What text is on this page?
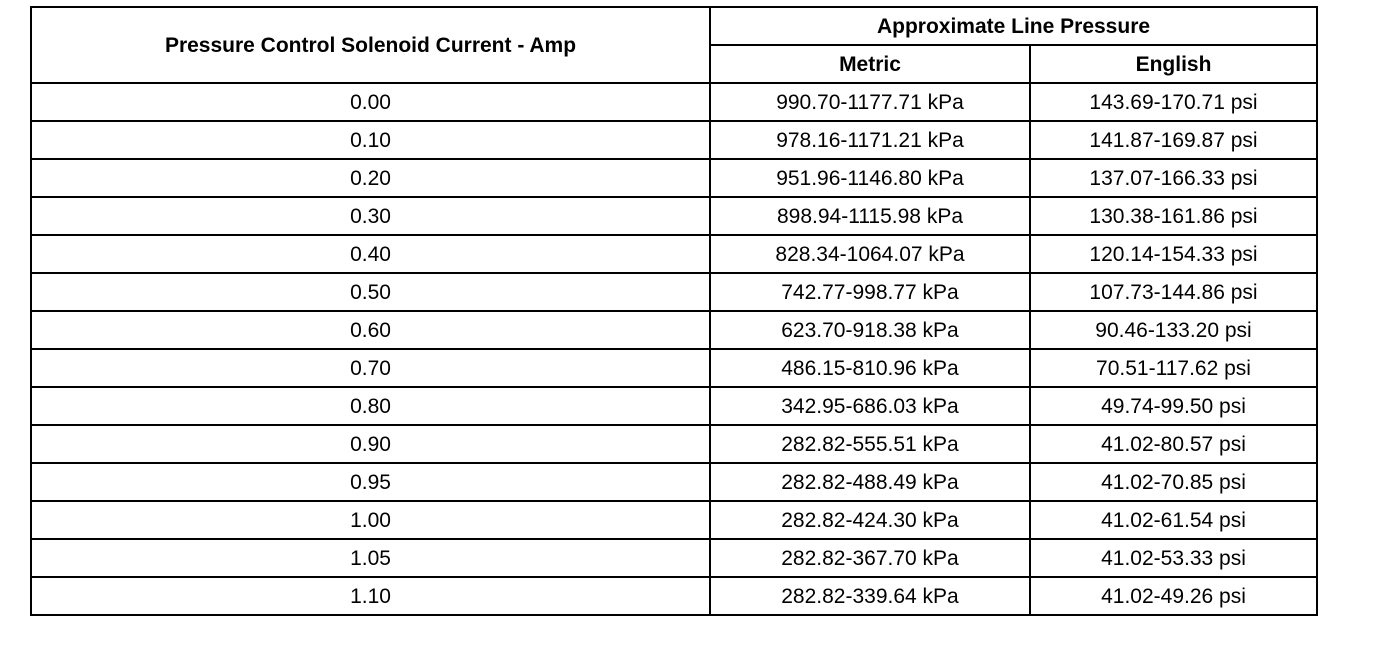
Pressure Control Solenoid Current - Amp	Approximate Line Pressure	
	Metric	English
0.00	990.70-1177.71 kPa	143.69-170.71 psi
0.10	978.16-1171.21 kPa	141.87-169.87 psi
0.20	951.96-1146.80 kPa	137.07-166.33 psi
0.30	898.94-1115.98 kPa	130.38-161.86 psi
0.40	828.34-1064.07 kPa	120.14-154.33 psi
0.50	742.77-998.77 kPa	107.73-144.86 psi
0.60	623.70-918.38 kPa	90.46-133.20 psi
0.70	486.15-810.96 kPa	70.51-117.62 psi
0.80	342.95-686.03 kPa	49.74-99.50 psi
0.90	282.82-555.51 kPa	41.02-80.57 psi
0.95	282.82-488.49 kPa	41.02-70.85 psi
1.00	282.82-424.30 kPa	41.02-61.54 psi
1.05	282.82-367.70 kPa	41.02-53.33 psi
1.10	282.82-339.64 kPa	41.02-49.26 psi
